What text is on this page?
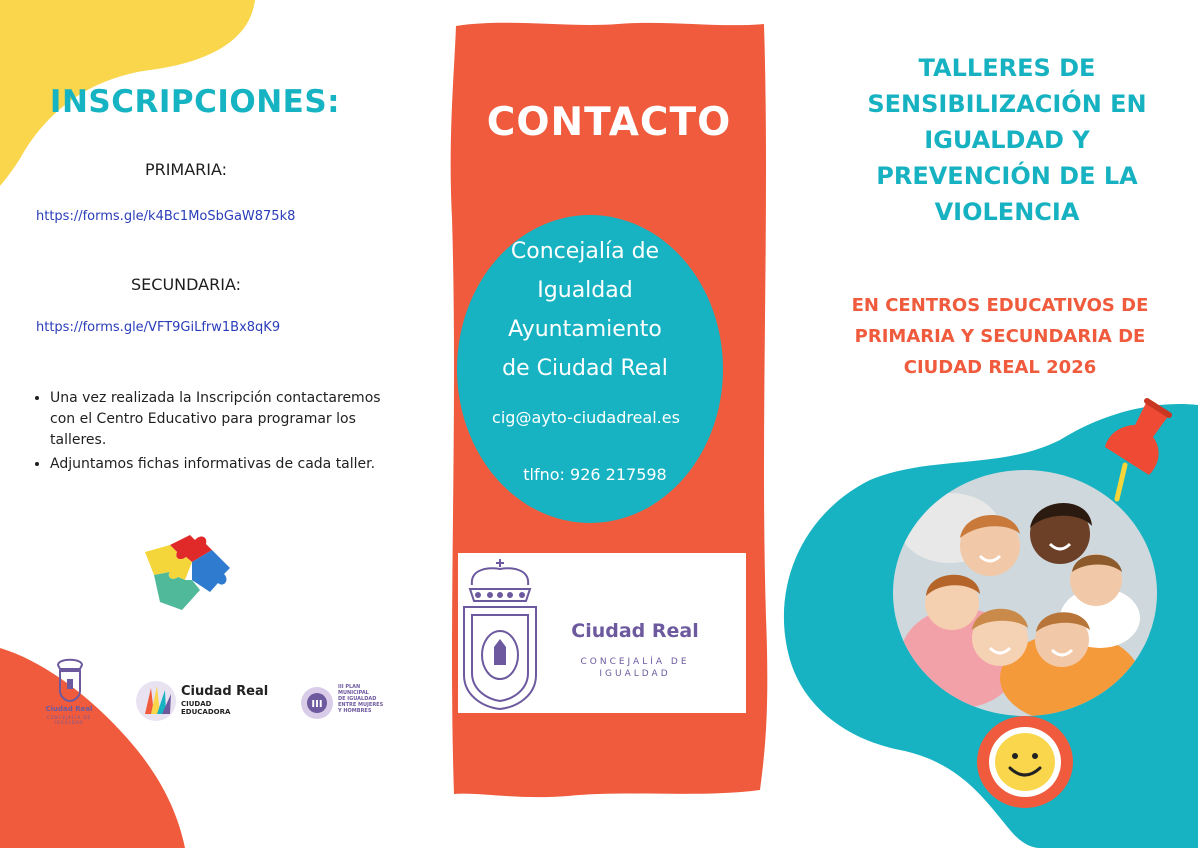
INSCRIPCIONES:
PRIMARIA:
https://forms.gle/k4Bc1MoSbGaW875k8
SECUNDARIA:
https://forms.gle/VFT9GiLfrw1Bx8qK9
• Una vez realizada la Inscripción contactaremos con el Centro Educativo para programar los talleres.
• Adjuntamos fichas informativas de cada taller.
Ciudad Real
CONCEJALÍA DE IGUALDAD
Ciudad Real
CIUDAD
EDUCADORA
III
III PLAN
MUNICIPAL
DE IGUALDAD
ENTRE MUJERES
Y HOMBRES
CONTACTO
Concejalía de
Igualdad
Ayuntamiento
de Ciudad Real
cig@ayto-ciudadreal.es
tlfno: 926 217598
Ciudad Real
CONCEJALÍA DE
IGUALDAD
TALLERES DE
SENSIBILIZACIÓN EN
IGUALDAD Y
PREVENCIÓN DE LA
VIOLENCIA
EN CENTROS EDUCATIVOS DE
PRIMARIA Y SECUNDARIA DE
CIUDAD REAL 2026
